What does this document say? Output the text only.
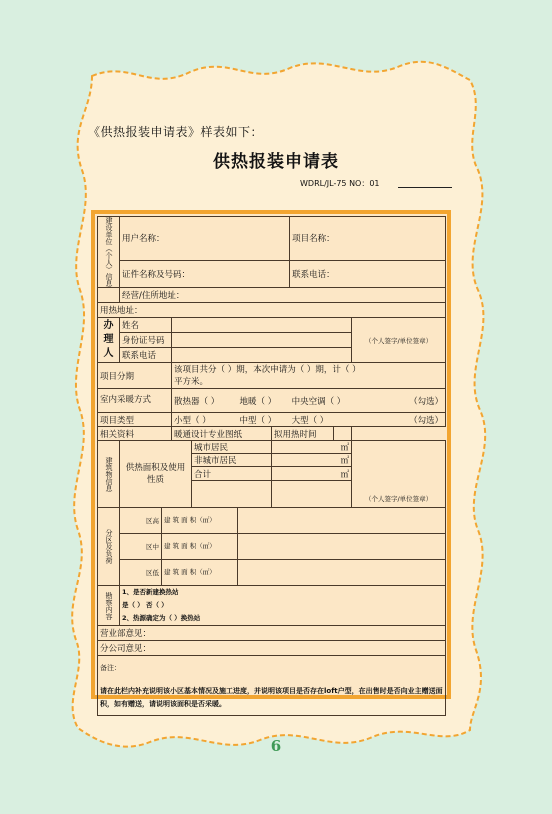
《供热报装申请表》样表如下：
供热报装申请表
WDRL/JL-75 NO：01
建设单位（个人）信息	用户名称：						项目名称：			
	证件名称及号码：						联系电话：			
	经营/住所地址：									
用热地址：										
办理人	姓名								（个人签字/单位签章）	
	身份证号码									
	联系电话									
项目分期			该项目共分（ ）期，本次申请为（ ）期，计（ ）
平方米。							

室内采暖方式			散热器（ ）		地暖（ ）		中央空调（ ）			（勾选）
项目类型			小型（ ）		中型（ ）		大型（ ）			（勾选）
相关资料			暖通设计专业图纸			拟用热时间				
建筑物信息	供热面积及使用性质			城市居民		㎡			（个人签字/单位签章）	
				非城市居民		㎡				
				合计		㎡				

分区及负荷	区高	建 筑 面 积（㎡）								
	区中	建 筑 面 积（㎡）								
	区低	建 筑 面 积（㎡）								
勘察内容	1、是否新建换热站
是（ ） 否（ ）
2、热源确定为（ ）换热站									

营业部意见：										
分公司意见：										

备注：
请在此栏内补充说明该小区基本情况及施工进度，并说明该项目是否存在loft户型，在出售时是否向业主赠送面积，如有赠送，请说明该面积是否采暖。										
6
